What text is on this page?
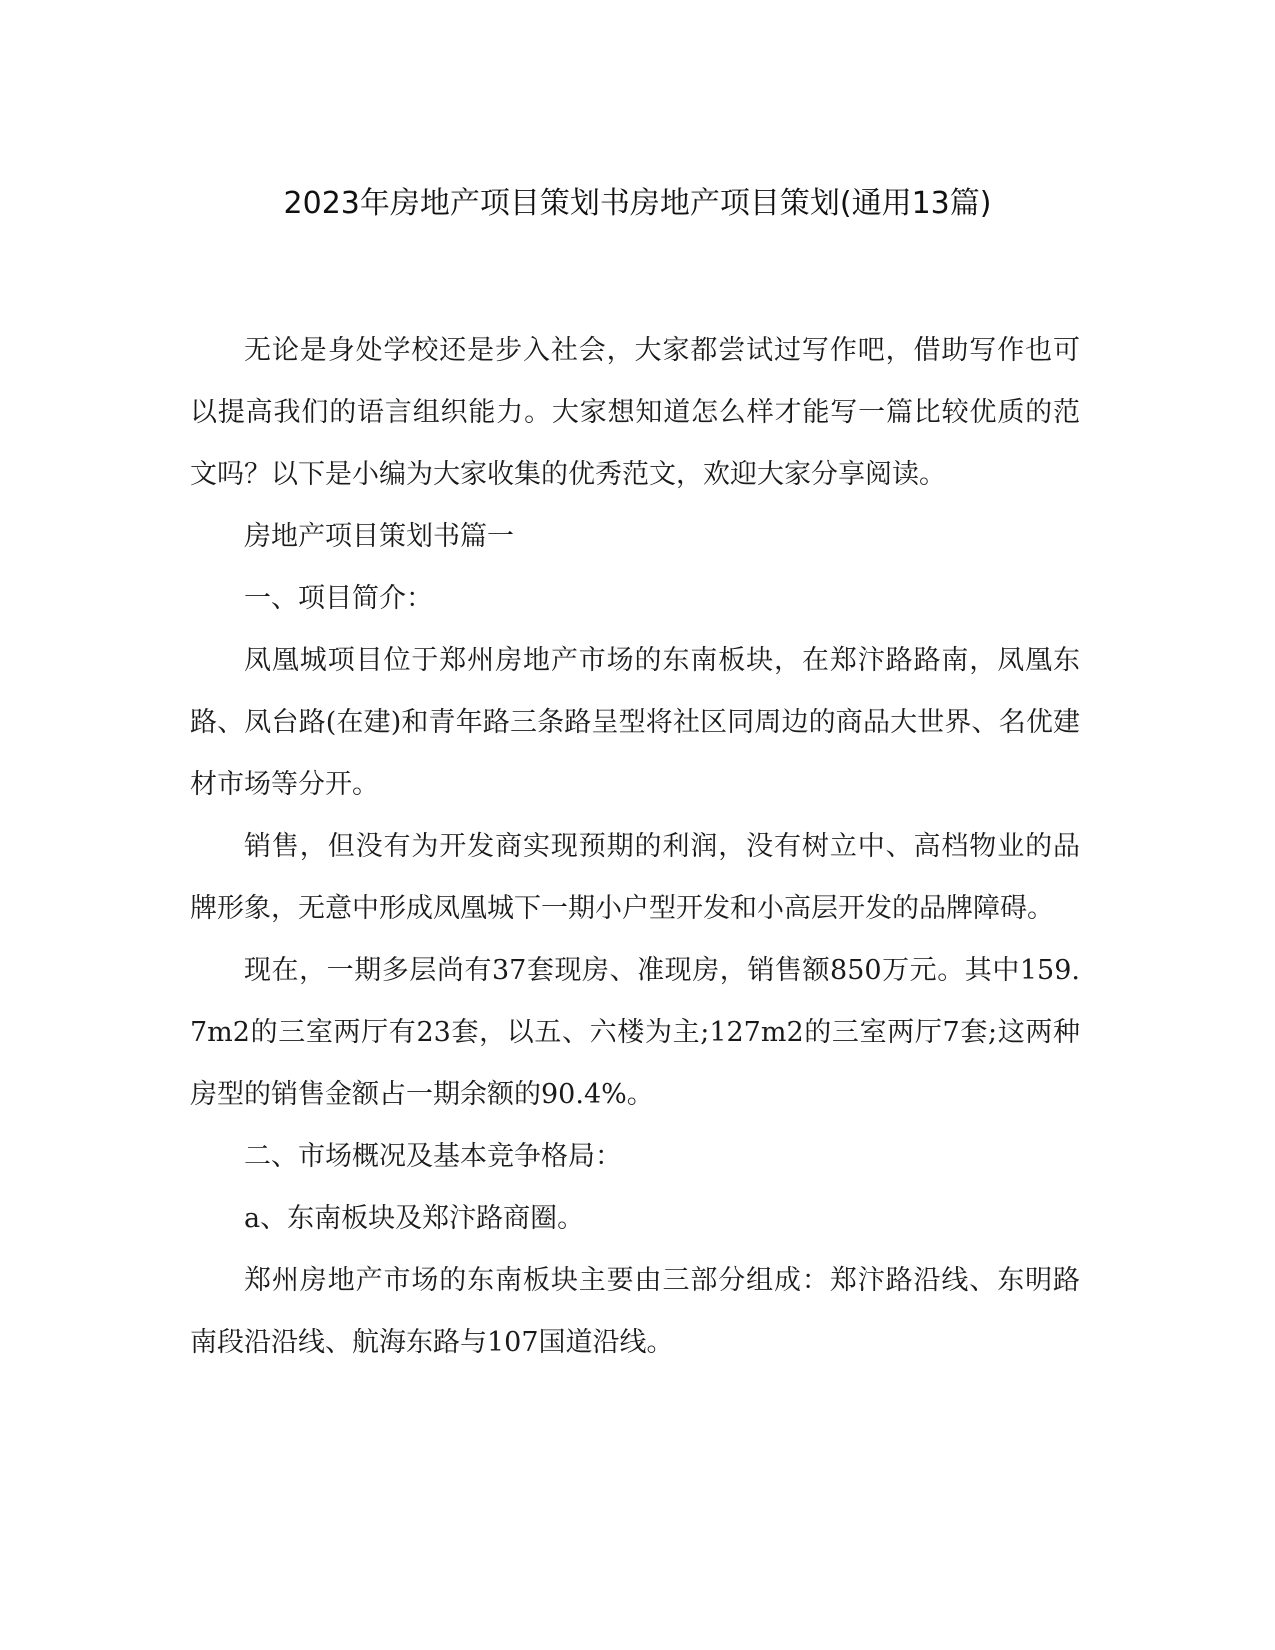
2023年房地产项目策划书房地产项目策划(通用13篇)

无论是身处学校还是步入社会，大家都尝试过写作吧，借助写作也可以提高我们的语言组织能力。大家想知道怎么样才能写一篇比较优质的范文吗？以下是小编为大家收集的优秀范文，欢迎大家分享阅读。

房地产项目策划书篇一

一、项目简介：

凤凰城项目位于郑州房地产市场的东南板块，在郑汴路路南，凤凰东路、凤台路(在建)和青年路三条路呈型将社区同周边的商品大世界、名优建材市场等分开。

销售，但没有为开发商实现预期的利润，没有树立中、高档物业的品牌形象，无意中形成凤凰城下一期小户型开发和小高层开发的品牌障碍。

现在，一期多层尚有37套现房、准现房，销售额850万元。其中159.7m2的三室两厅有23套，以五、六楼为主;127m2的三室两厅7套;这两种房型的销售金额占一期余额的90.4%。

二、市场概况及基本竞争格局：

a、东南板块及郑汴路商圈。

郑州房地产市场的东南板块主要由三部分组成：郑汴路沿线、东明路南段沿沿线、航海东路与107国道沿线。
